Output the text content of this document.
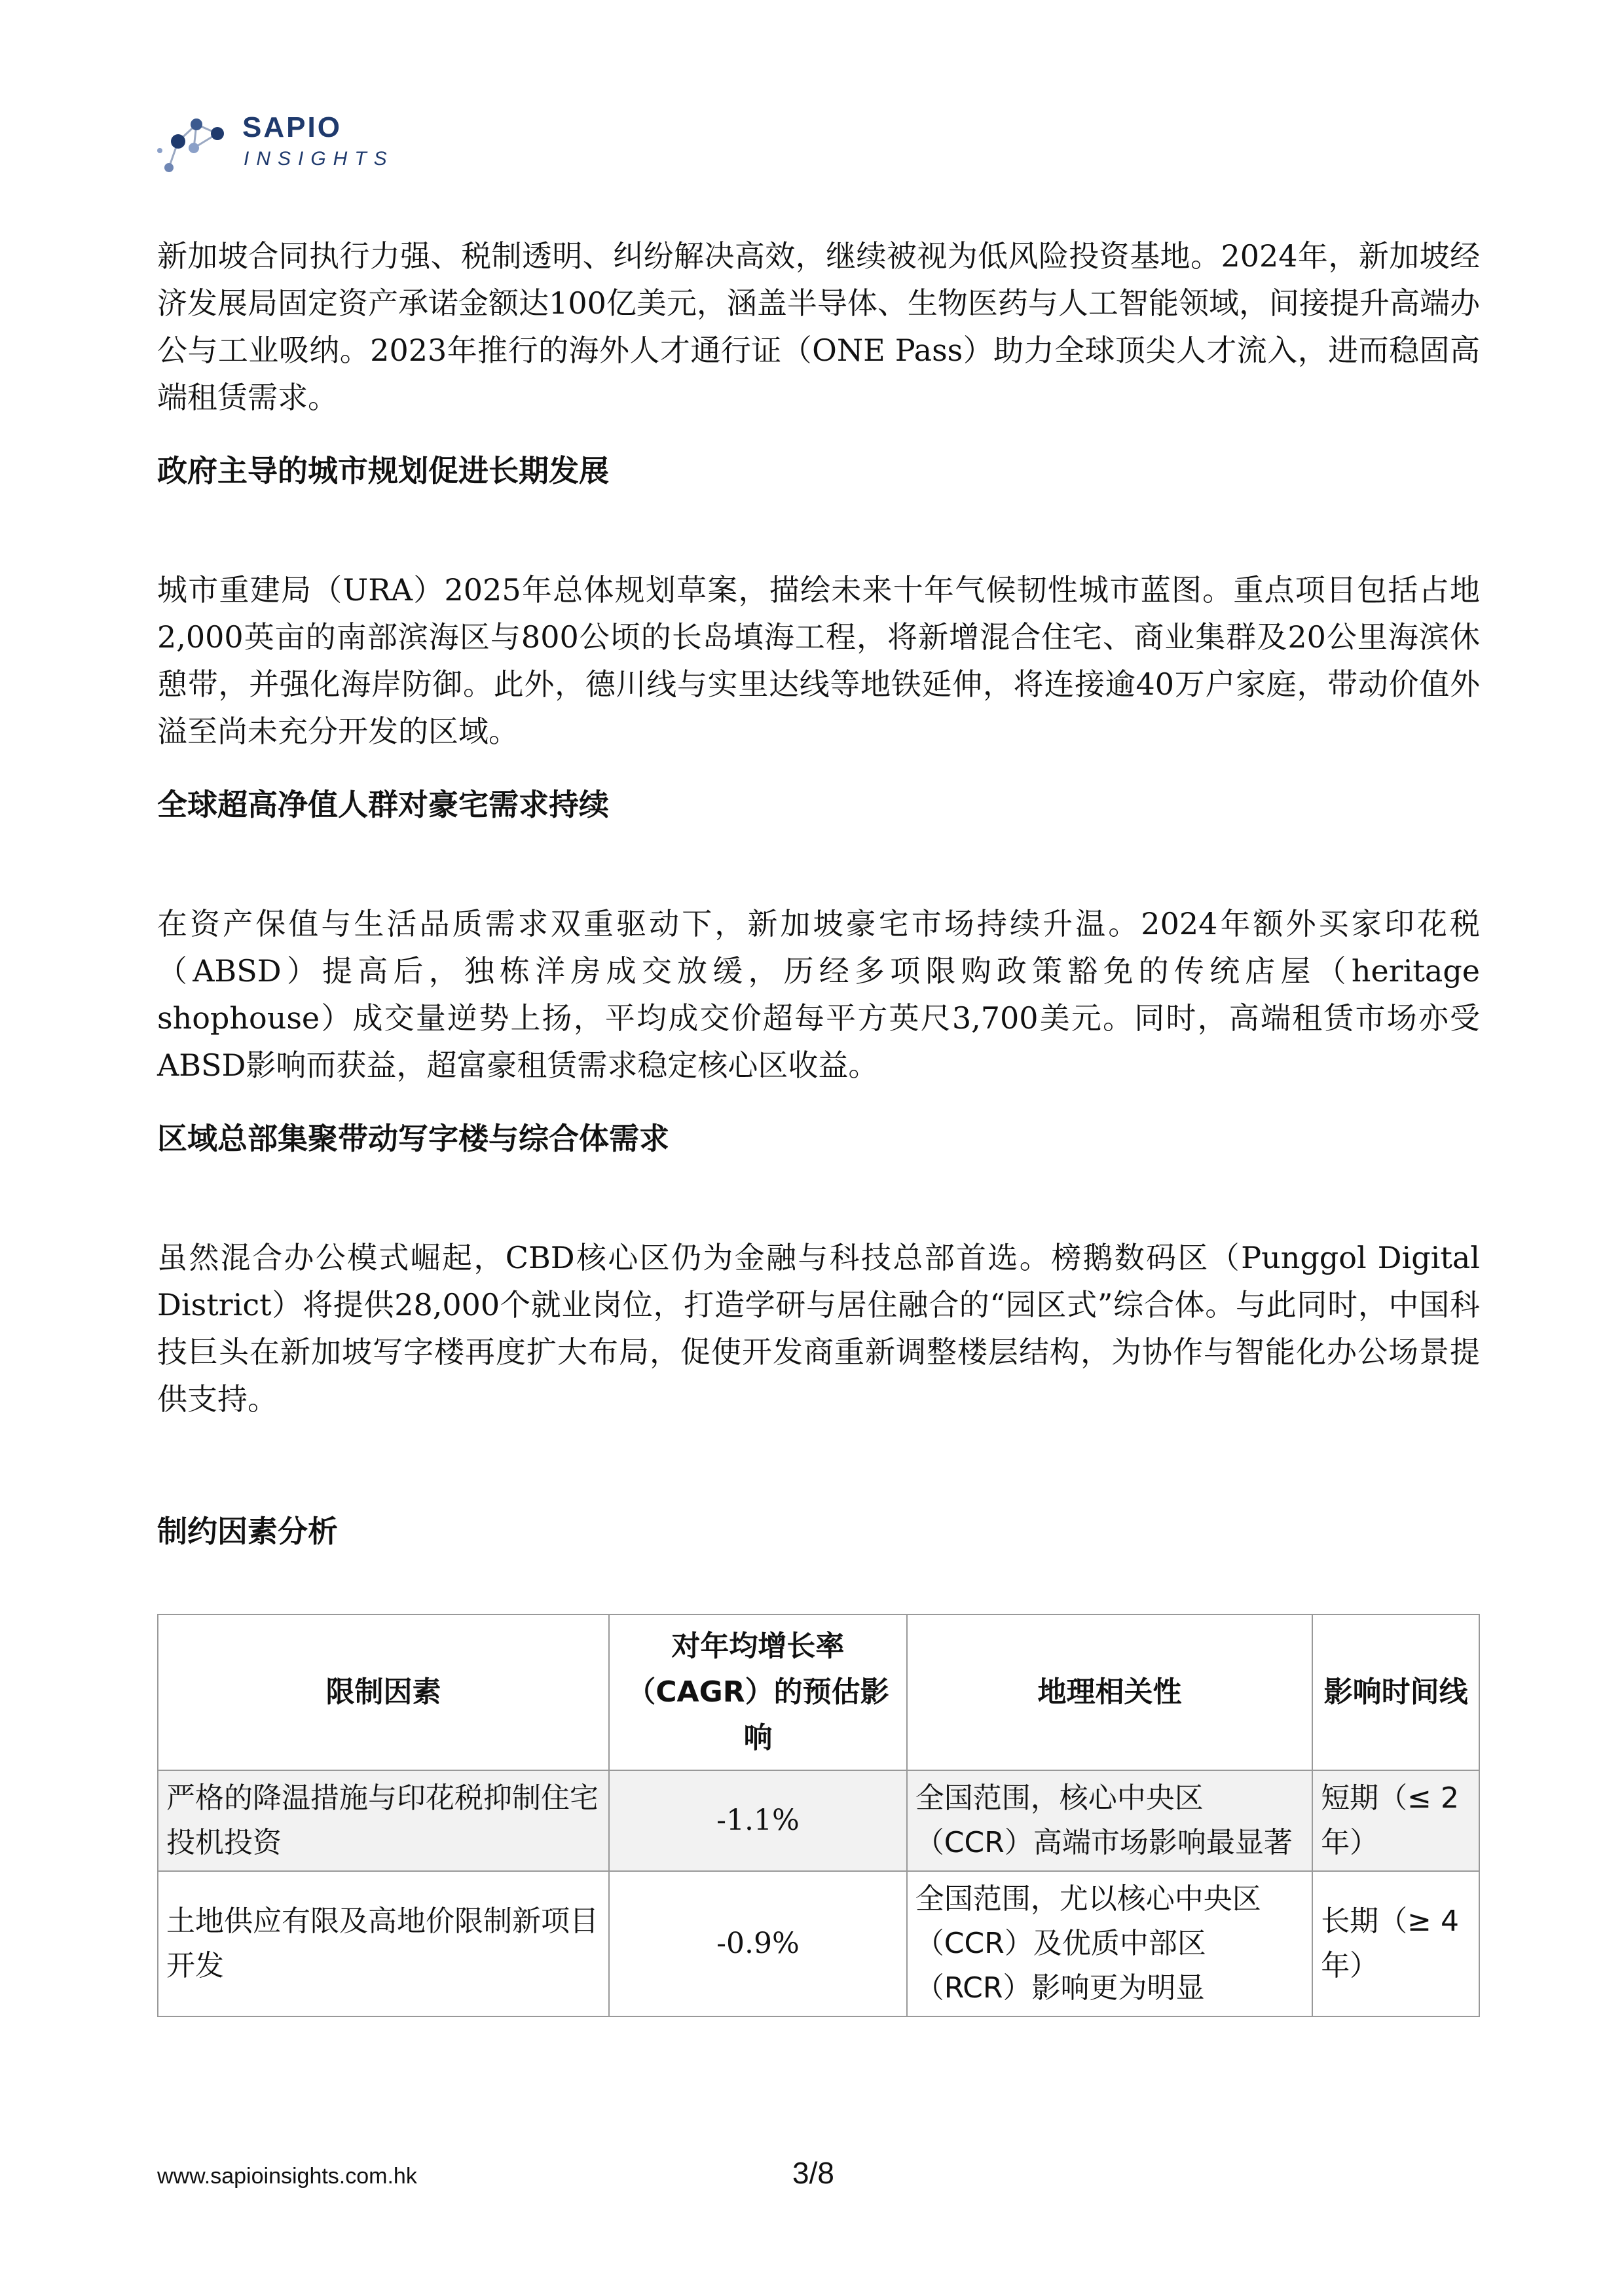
SAPIO
INSIGHTS

新加坡合同执行力强、税制透明、纠纷解决高效，继续被视为低风险投资基地。2024年，新加坡经济发展局固定资产承诺金额达100亿美元，涵盖半导体、生物医药与人工智能领域，间接提升高端办公与工业吸纳。2023年推行的海外人才通行证（ONE Pass）助力全球顶尖人才流入，进而稳固高端租赁需求。

政府主导的城市规划促进长期发展

城市重建局（URA）2025年总体规划草案，描绘未来十年气候韧性城市蓝图。重点项目包括占地2,000英亩的南部滨海区与800公顷的长岛填海工程，将新增混合住宅、商业集群及20公里海滨休憩带，并强化海岸防御。此外，德川线与实里达线等地铁延伸，将连接逾40万户家庭，带动价值外溢至尚未充分开发的区域。

全球超高净值人群对豪宅需求持续

在资产保值与生活品质需求双重驱动下，新加坡豪宅市场持续升温。2024年额外买家印花税（ABSD）提高后，独栋洋房成交放缓，历经多项限购政策豁免的传统店屋（heritage shophouse）成交量逆势上扬，平均成交价超每平方英尺3,700美元。同时，高端租赁市场亦受ABSD影响而获益，超富豪租赁需求稳定核心区收益。

区域总部集聚带动写字楼与综合体需求

虽然混合办公模式崛起，CBD核心区仍为金融与科技总部首选。榜鹅数码区（Punggol Digital District）将提供28,000个就业岗位，打造学研与居住融合的“园区式”综合体。与此同时，中国科技巨头在新加坡写字楼再度扩大布局，促使开发商重新调整楼层结构，为协作与智能化办公场景提供支持。

制约因素分析
限制因素	对年均增长率（CAGR）的预估影响	地理相关性	影响时间线
严格的降温措施与印花税抑制住宅投机投资	-1.1%	全国范围，核心中央区（CCR）高端市场影响最显著	短期（≤ 2年）
土地供应有限及高地价限制新项目开发	-0.9%	全国范围，尤以核心中央区（CCR）及优质中部区（RCR）影响更为明显	长期（≥ 4年）
www.sapioinsights.com.hk	3/8
